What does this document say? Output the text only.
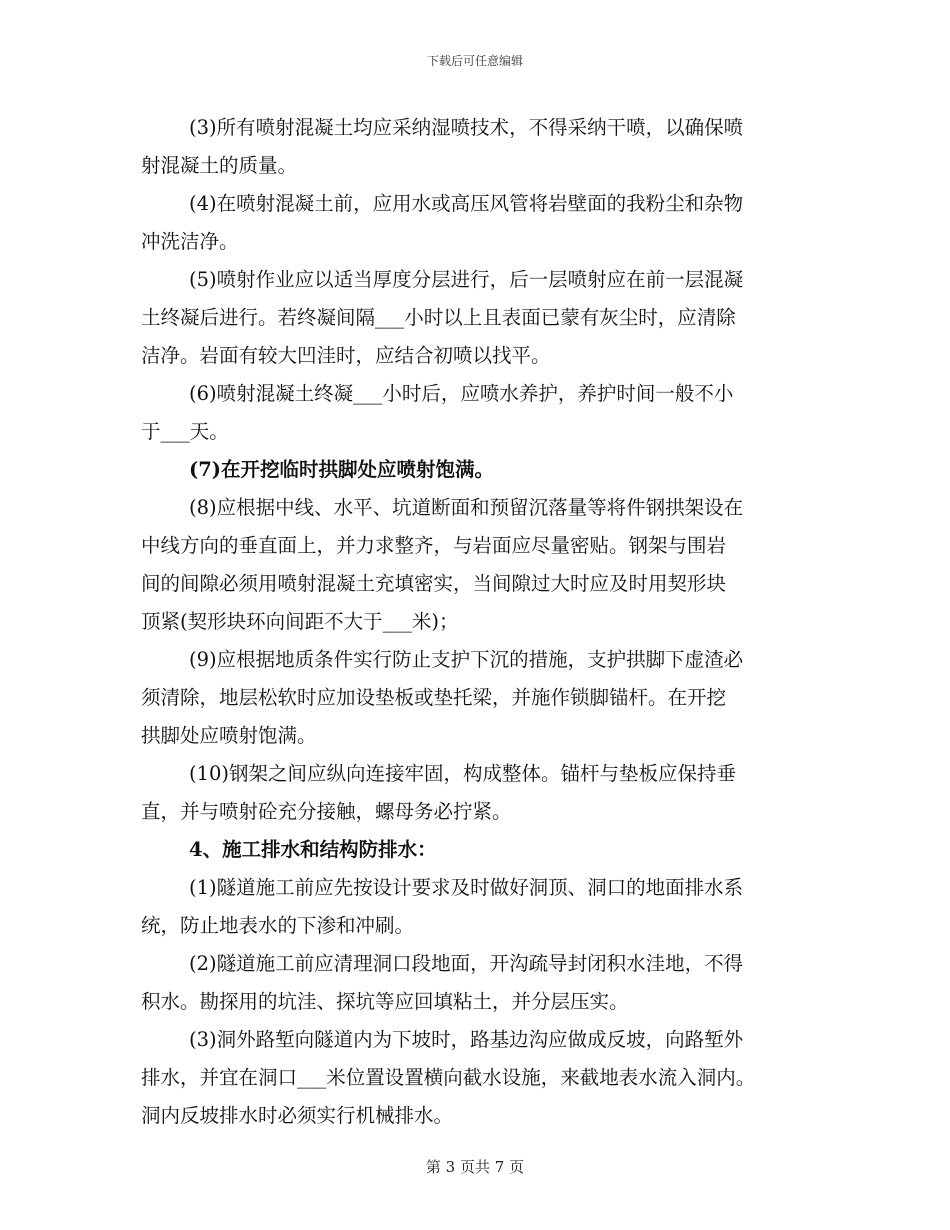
下载后可任意编辑
(3)所有喷射混凝土均应采纳湿喷技术，不得采纳干喷，以确保喷
射混凝土的质量。
(4)在喷射混凝土前，应用水或高压风管将岩壁面的我粉尘和杂物
冲洗洁净。
(5)喷射作业应以适当厚度分层进行，后一层喷射应在前一层混凝
土终凝后进行。若终凝间隔___小时以上且表面已蒙有灰尘时，应清除
洁净。岩面有较大凹洼时，应结合初喷以找平。
(6)喷射混凝土终凝___小时后，应喷水养护，养护时间一般不小
于___天。
(7)在开挖临时拱脚处应喷射饱满。
(8)应根据中线、水平、坑道断面和预留沉落量等将件钢拱架设在
中线方向的垂直面上，并力求整齐，与岩面应尽量密贴。钢架与围岩
间的间隙必须用喷射混凝土充填密实，当间隙过大时应及时用契形块
顶紧(契形块环向间距不大于___米)；
(9)应根据地质条件实行防止支护下沉的措施，支护拱脚下虚渣必
须清除，地层松软时应加设垫板或垫托梁，并施作锁脚锚杆。在开挖
拱脚处应喷射饱满。
(10)钢架之间应纵向连接牢固，构成整体。锚杆与垫板应保持垂
直，并与喷射砼充分接触，螺母务必拧紧。
4、施工排水和结构防排水：
(1)隧道施工前应先按设计要求及时做好洞顶、洞口的地面排水系
统，防止地表水的下渗和冲刷。
(2)隧道施工前应清理洞口段地面，开沟疏导封闭积水洼地，不得
积水。勘探用的坑洼、探坑等应回填粘土，并分层压实。
(3)洞外路堑向隧道内为下坡时，路基边沟应做成反坡，向路堑外
排水，并宜在洞口___米位置设置横向截水设施，来截地表水流入洞内。
洞内反坡排水时必须实行机械排水。
第 3 页共 7 页
